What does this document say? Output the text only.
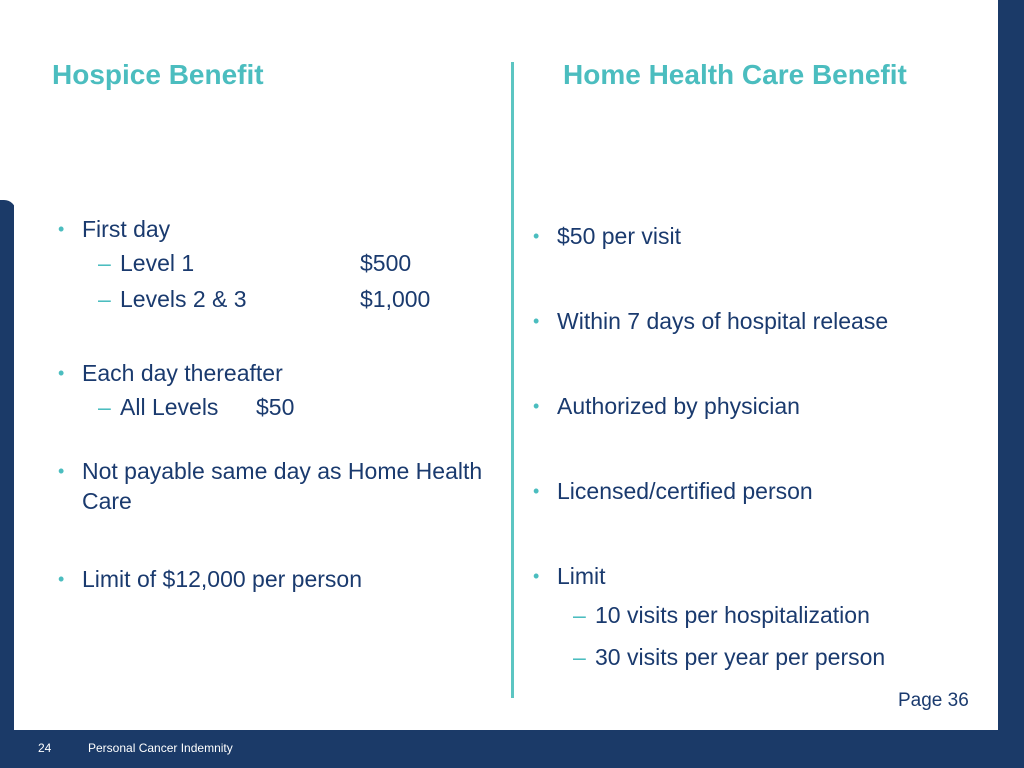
Hospice Benefit	Home Health Care Benefit
• First day
– Level 1	$500
– Levels 2 & 3	$1,000
• Each day thereafter
– All Levels $50
• Not payable same day as Home Health Care
• Limit of $12,000 per person
• $50 per visit
• Within 7 days of hospital release
• Authorized by physician
• Licensed/certified person
• Limit
– 10 visits per hospitalization
– 30 visits per year per person
Page 36
24	Personal Cancer Indemnity
